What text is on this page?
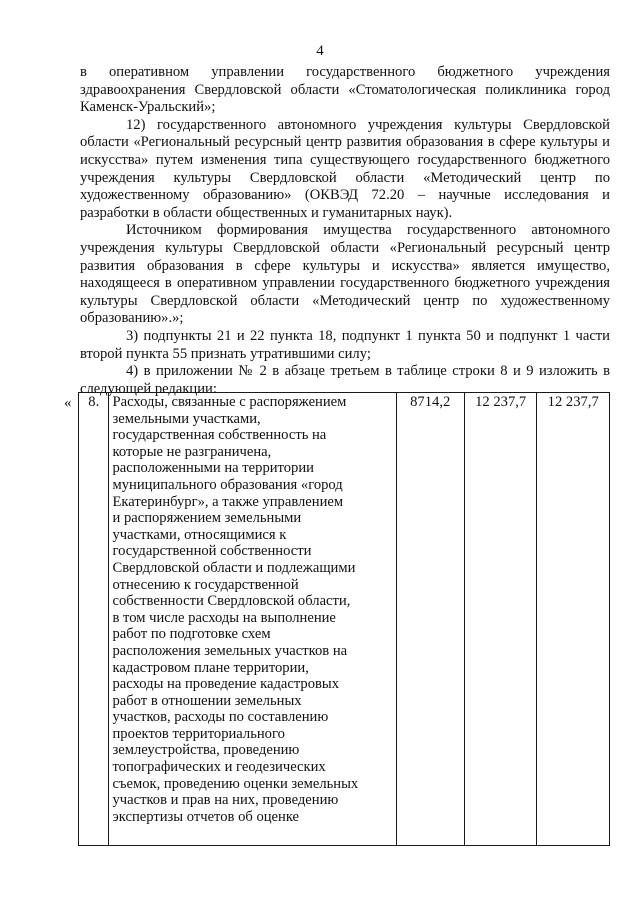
4

в оперативном управлении государственного бюджетного учреждения здравоохранения Свердловской области «Стоматологическая поликлиника город Каменск-Уральский»;

12) государственного автономного учреждения культуры Свердловской области «Региональный ресурсный центр развития образования в сфере культуры и искусства» путем изменения типа существующего государственного бюджетного учреждения культуры Свердловской области «Методический центр по художественному образованию» (ОКВЭД 72.20 – научные исследования и разработки в области общественных и гуманитарных наук).

Источником формирования имущества государственного автономного учреждения культуры Свердловской области «Региональный ресурсный центр развития образования в сфере культуры и искусства» является имущество, находящееся в оперативном управлении государственного бюджетного учреждения культуры Свердловской области «Методический центр по художественному образованию».»;

3) подпункты 21 и 22 пункта 18, подпункт 1 пункта 50 и подпункт 1 части второй пункта 55 признать утратившими силу;

4) в приложении № 2 в абзаце третьем в таблице строки 8 и 9 изложить в следующей редакции:

« 8.	Расходы, связанные с распоряжением
земельными участками,
государственная собственность на
которые не разграничена,
расположенными на территории
муниципального образования «город
Екатеринбург», а также управлением
и распоряжением земельными
участками, относящимися к
государственной собственности
Свердловской области и подлежащими
отнесению к государственной
собственности Свердловской области,
в том числе расходы на выполнение
работ по подготовке схем
расположения земельных участков на
кадастровом плане территории,
расходы на проведение кадастровых
работ в отношении земельных
участков, расходы по составлению
проектов территориального
землеустройства, проведению
топографических и геодезических
съемок, проведению оценки земельных
участков и прав на них, проведению
экспертизы отчетов об оценке
	8714,2	12 237,7	12 237,7
